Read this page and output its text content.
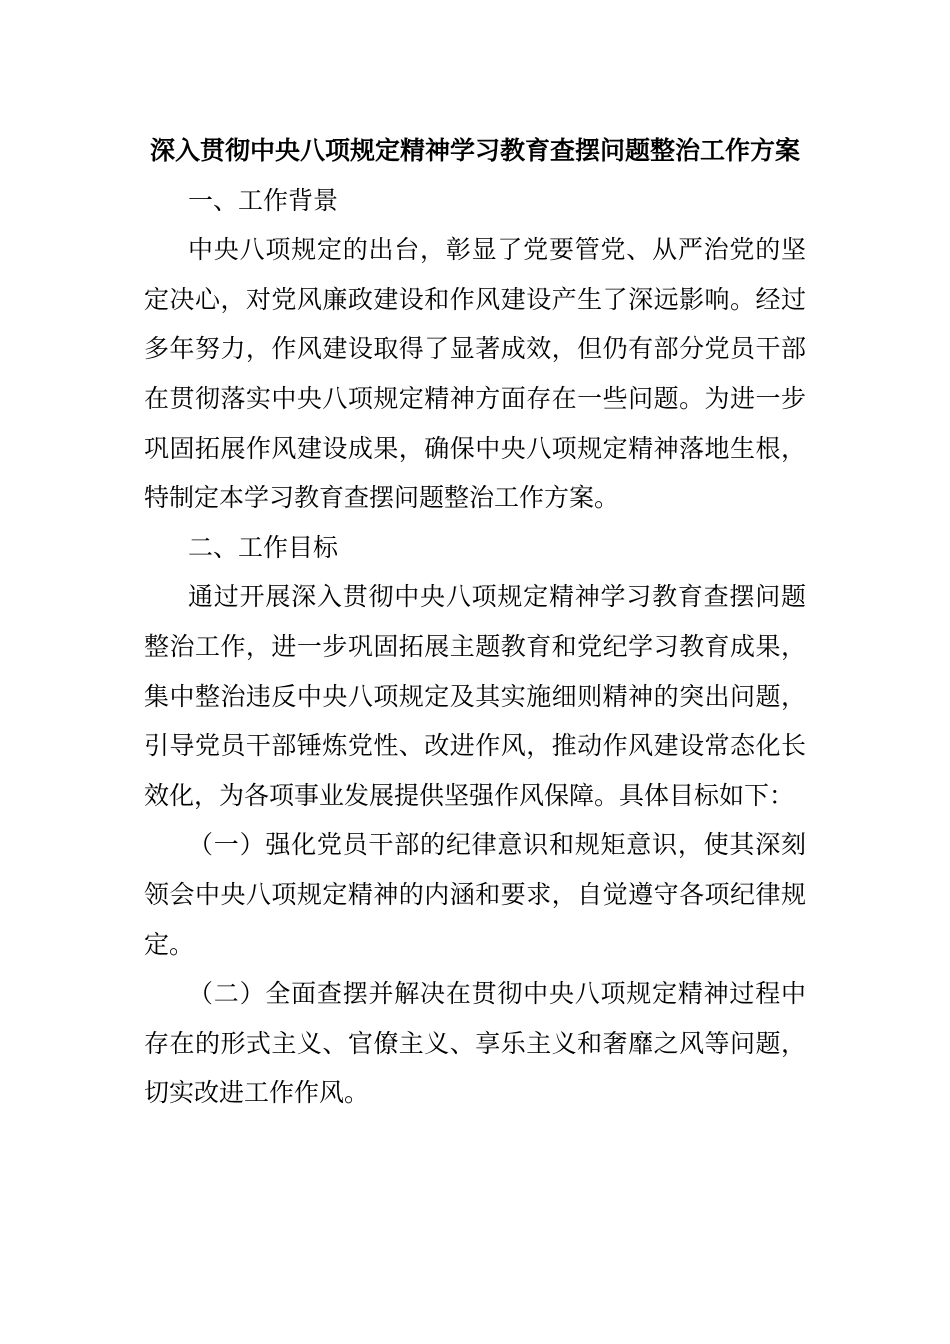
深入贯彻中央八项规定精神学习教育查摆问题整治工作方案
一、工作背景

中央八项规定的出台，彰显了党要管党、从严治党的坚定决心，对党风廉政建设和作风建设产生了深远影响。经过多年努力，作风建设取得了显著成效，但仍有部分党员干部在贯彻落实中央八项规定精神方面存在一些问题。为进一步巩固拓展作风建设成果，确保中央八项规定精神落地生根，特制定本学习教育查摆问题整治工作方案。

二、工作目标

通过开展深入贯彻中央八项规定精神学习教育查摆问题整治工作，进一步巩固拓展主题教育和党纪学习教育成果，集中整治违反中央八项规定及其实施细则精神的突出问题，引导党员干部锤炼党性、改进作风，推动作风建设常态化长效化，为各项事业发展提供坚强作风保障。具体目标如下：

（一）强化党员干部的纪律意识和规矩意识，使其深刻领会中央八项规定精神的内涵和要求，自觉遵守各项纪律规定。

（二）全面查摆并解决在贯彻中央八项规定精神过程中存在的形式主义、官僚主义、享乐主义和奢靡之风等问题，切实改进工作作风。
